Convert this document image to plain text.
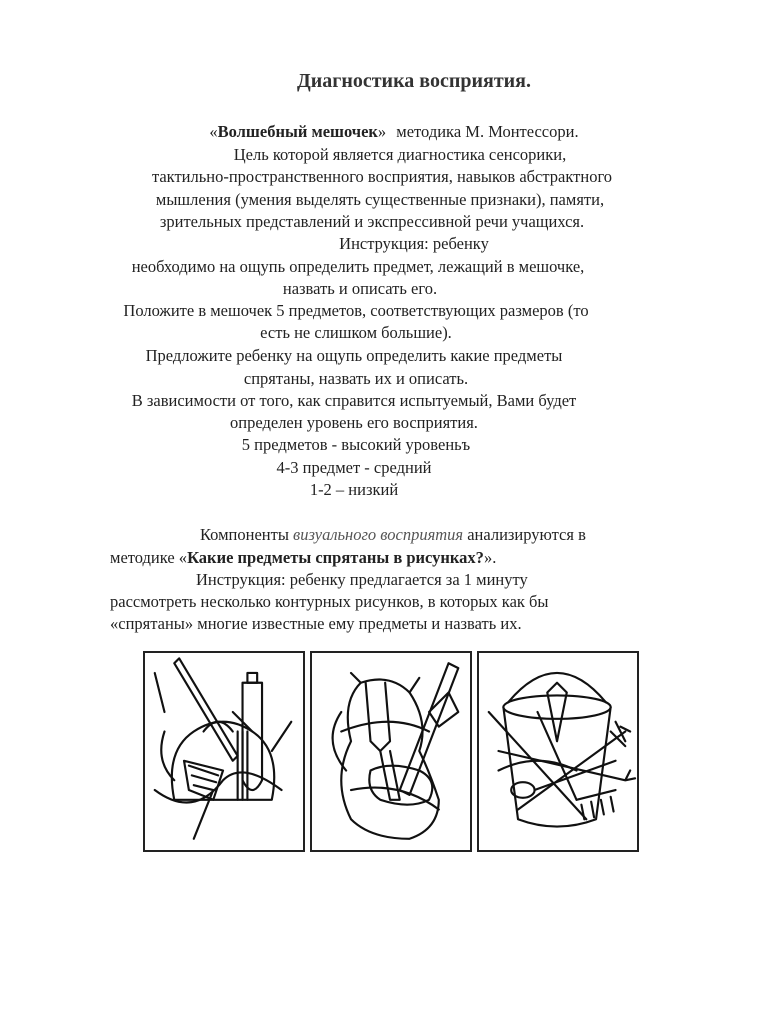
Диагностика восприятия.
«Волшебный мешочек» методика М. Монтессори.
Цель которой является диагностика сенсорики,
тактильно-пространственного восприятия, навыков абстрактного
мышления (умения выделять существенные признаки), памяти,
зрительных представлений и экспрессивной речи учащихся.
Инструкция: ребенку
необходимо на ощупь определить предмет, лежащий в мешочке,
назвать и описать его.
Положите в мешочек 5 предметов, соответствующих размеров (то
есть не слишком большие).
Предложите ребенку на ощупь определить какие предметы
спрятаны, назвать их и описать.
В зависимости от того, как справится испытуемый, Вами будет
определен уровень его восприятия.
5 предметов - высокий уровеньъ
4-3 предмет - средний
1-2 – низкий
Компоненты визуального восприятия анализируются в
методике «Какие предметы спрятаны в рисунках?».
Инструкция: ребенку предлагается за 1 минуту
рассмотреть несколько контурных рисунков, в которых как бы
«спрятаны» многие известные ему предметы и назвать их.
